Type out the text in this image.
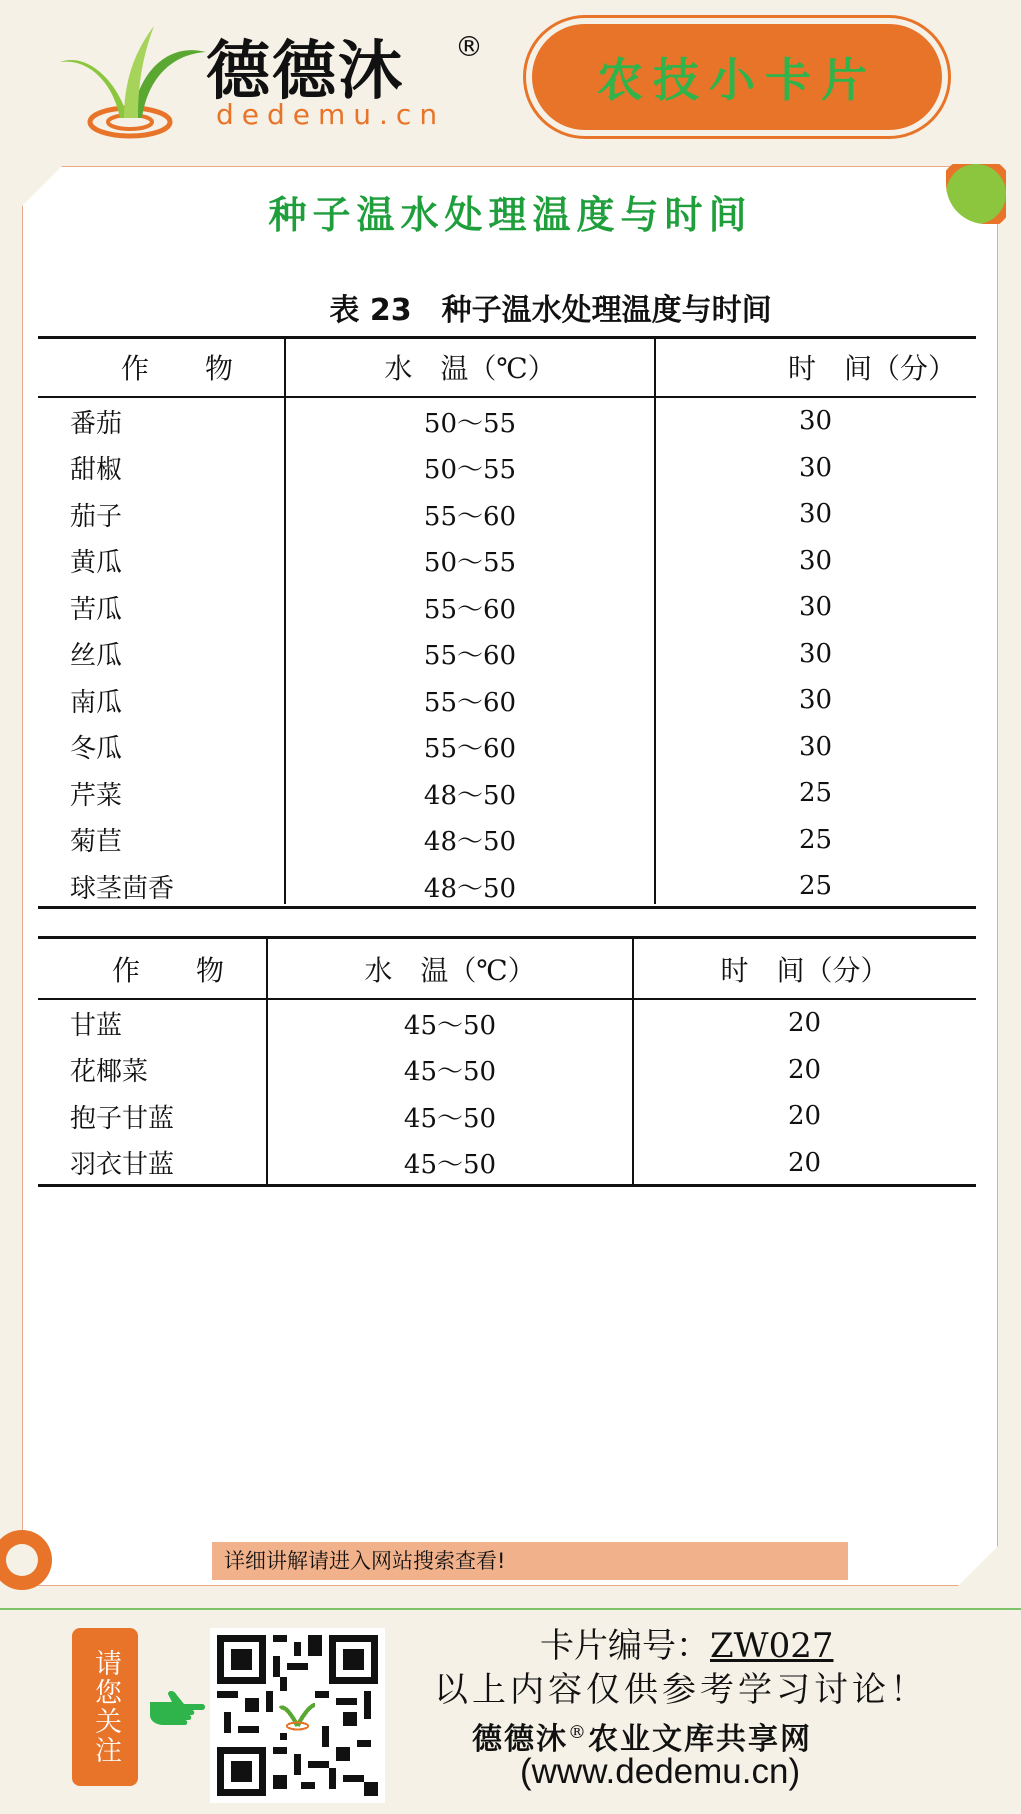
德德沐 ®
dedemu.cn
农技小卡片
种子温水处理温度与时间
表 23　种子温水处理温度与时间
作　　物	水　温（℃）	时　间（分）
番茄	50～55	30
甜椒	50～55	30
茄子	55～60	30
黄瓜	50～55	30
苦瓜	55～60	30
丝瓜	55～60	30
南瓜	55～60	30
冬瓜	55～60	30
芹菜	48～50	25
菊苣	48～50	25
球茎茴香	48～50	25
作　　物	水　温（℃）	时　间（分）
甘蓝	45～50	20
花椰菜	45～50	20
抱子甘蓝	45～50	20
羽衣甘蓝	45～50	20
详细讲解请进入网站搜索查看!
请您关注
卡片编号：ZW027
以上内容仅供参考学习讨论！
德德沐®农业文库共享网
(www.dedemu.cn)
